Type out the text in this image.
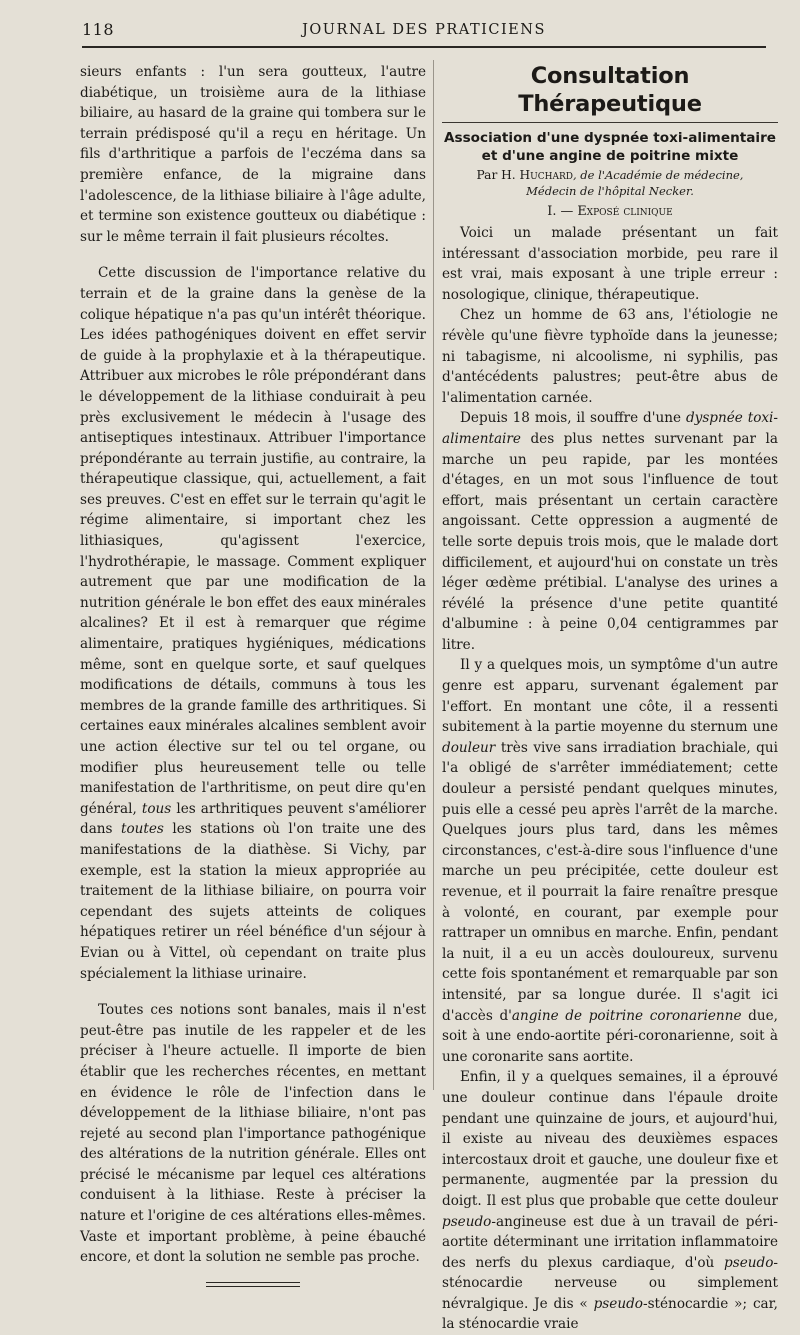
118	JOURNAL DES PRATICIENS

sieurs enfants : l'un sera goutteux, l'autre diabétique, un troisième aura de la lithiase biliaire, au hasard de la graine qui tombera sur le terrain prédisposé qu'il a reçu en héritage. Un fils d'arthritique a parfois de l'eczéma dans sa première enfance, de la migraine dans l'adolescence, de la lithiase biliaire à l'âge adulte, et termine son existence goutteux ou diabétique : sur le même terrain il fait plusieurs récoltes.

Cette discussion de l'importance relative du terrain et de la graine dans la genèse de la colique hépatique n'a pas qu'un intérêt théorique. Les idées pathogéniques doivent en effet servir de guide à la prophylaxie et à la thérapeutique. Attribuer aux microbes le rôle prépondérant dans le développement de la lithiase conduirait à peu près exclusivement le médecin à l'usage des antiseptiques intestinaux. Attribuer l'importance prépondérante au terrain justifie, au contraire, la thérapeutique classique, qui, actuellement, a fait ses preuves. C'est en effet sur le terrain qu'agit le régime alimentaire, si important chez les lithiasiques, qu'agissent l'exercice, l'hydrothérapie, le massage. Comment expliquer autrement que par une modification de la nutrition générale le bon effet des eaux minérales alcalines? Et il est à remarquer que régime alimentaire, pratiques hygiéniques, médications même, sont en quelque sorte, et sauf quelques modifications de détails, communs à tous les membres de la grande famille des arthritiques. Si certaines eaux minérales alcalines semblent avoir une action élective sur tel ou tel organe, ou modifier plus heureusement telle ou telle manifestation de l'arthritisme, on peut dire qu'en général, tous les arthritiques peuvent s'améliorer dans toutes les stations où l'on traite une des manifestations de la diathèse. Si Vichy, par exemple, est la station la mieux appropriée au traitement de la lithiase biliaire, on pourra voir cependant des sujets atteints de coliques hépatiques retirer un réel bénéfice d'un séjour à Evian ou à Vittel, où cependant on traite plus spécialement la lithiase urinaire.

Toutes ces notions sont banales, mais il n'est peut-être pas inutile de les rappeler et de les préciser à l'heure actuelle. Il importe de bien établir que les recherches récentes, en mettant en évidence le rôle de l'infection dans le développement de la lithiase biliaire, n'ont pas rejeté au second plan l'importance pathogénique des altérations de la nutrition générale. Elles ont précisé le mécanisme par lequel ces altérations conduisent à la lithiase. Reste à préciser la nature et l'origine de ces altérations elles-mêmes. Vaste et important problème, à peine ébauché encore, et dont la solution ne semble pas proche.

Consultation Thérapeutique
Association d'une dyspnée toxi-alimentaire et d'une angine de poitrine mixte
Par H. Huchard, de l'Académie de médecine,
Médecin de l'hôpital Necker.
I. — Exposé clinique

Voici un malade présentant un fait intéressant d'association morbide, peu rare il est vrai, mais exposant à une triple erreur : nosologique, clinique, thérapeutique.

Chez un homme de 63 ans, l'étiologie ne révèle qu'une fièvre typhoïde dans la jeunesse; ni tabagisme, ni alcoolisme, ni syphilis, pas d'antécédents palustres; peut-être abus de l'alimentation carnée.

Depuis 18 mois, il souffre d'une dyspnée toxi-alimentaire des plus nettes survenant par la marche un peu rapide, par les montées d'étages, en un mot sous l'influence de tout effort, mais présentant un certain caractère angoissant. Cette oppression a augmenté de telle sorte depuis trois mois, que le malade dort difficilement, et aujourd'hui on constate un très léger œdème prétibial. L'analyse des urines a révélé la présence d'une petite quantité d'albumine : à peine 0,04 centigrammes par litre.

Il y a quelques mois, un symptôme d'un autre genre est apparu, survenant également par l'effort. En montant une côte, il a ressenti subitement à la partie moyenne du sternum une douleur très vive sans irradiation brachiale, qui l'a obligé de s'arrêter immédiatement; cette douleur a persisté pendant quelques minutes, puis elle a cessé peu après l'arrêt de la marche. Quelques jours plus tard, dans les mêmes circonstances, c'est-à-dire sous l'influence d'une marche un peu précipitée, cette douleur est revenue, et il pourrait la faire renaître presque à volonté, en courant, par exemple pour rattraper un omnibus en marche. Enfin, pendant la nuit, il a eu un accès douloureux, survenu cette fois spontanément et remarquable par son intensité, par sa longue durée. Il s'agit ici d'accès d'angine de poitrine coronarienne due, soit à une endo-aortite péri-coronarienne, soit à une coronarite sans aortite.

Enfin, il y a quelques semaines, il a éprouvé une douleur continue dans l'épaule droite pendant une quinzaine de jours, et aujourd'hui, il existe au niveau des deuxièmes espaces intercostaux droit et gauche, une douleur fixe et permanente, augmentée par la pression du doigt. Il est plus que probable que cette douleur pseudo-angineuse est due à un travail de péri-aortite déterminant une irritation inflammatoire des nerfs du plexus cardiaque, d'où pseudo-sténocardie nerveuse ou simplement névralgique. Je dis « pseudo-sténocardie »; car, la sténocardie vraie
